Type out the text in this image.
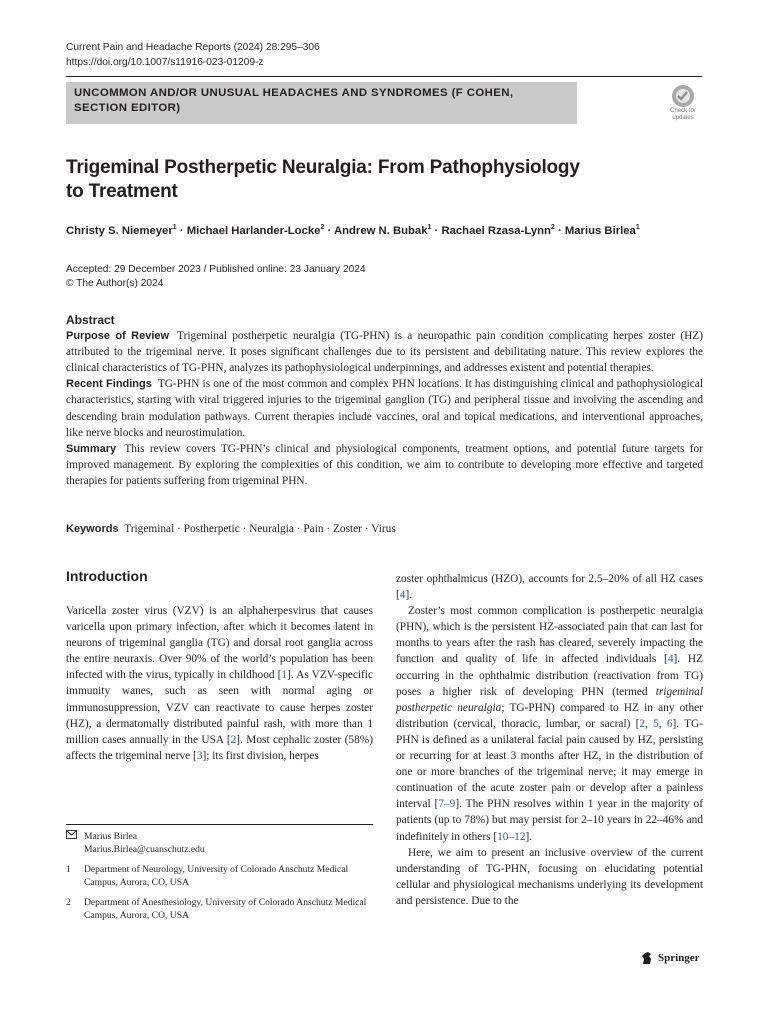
Current Pain and Headache Reports (2024) 28:295–306
https://doi.org/10.1007/s11916-023-01209-z
UNCOMMON AND/OR UNUSUAL HEADACHES AND SYNDROMES (F COHEN, SECTION EDITOR)	Check for
updates
Trigeminal Postherpetic Neuralgia: From Pathophysiology
to Treatment
Christy S. Niemeyer$^1$ · Michael Harlander-Locke$^2$ · Andrew N. Bubak$^1$ · Rachael Rzasa-Lynn$^2$ · Marius Birlea$^1$
Accepted: 29 December 2023 / Published online: 23 January 2024
© The Author(s) 2024
Abstract

Purpose of Review Trigeminal postherpetic neuralgia (TG-PHN) is a neuropathic pain condition complicating herpes zoster (HZ) attributed to the trigeminal nerve. It poses significant challenges due to its persistent and debilitating nature. This review explores the clinical characteristics of TG-PHN, analyzes its pathophysiological underpinnings, and addresses existent and potential therapies.

Recent Findings TG-PHN is one of the most common and complex PHN locations. It has distinguishing clinical and pathophysiological characteristics, starting with viral triggered injuries to the trigeminal ganglion (TG) and peripheral tissue and involving the ascending and descending brain modulation pathways. Current therapies include vaccines, oral and topical medications, and interventional approaches, like nerve blocks and neurostimulation.

Summary This review covers TG-PHN’s clinical and physiological components, treatment options, and potential future targets for improved management. By exploring the complexities of this condition, we aim to contribute to developing more effective and targeted therapies for patients suffering from trigeminal PHN.

Keywords Trigeminal · Postherpetic · Neuralgia · Pain · Zoster · Virus
Introduction

Varicella zoster virus (VZV) is an alphaherpesvirus that causes varicella upon primary infection, after which it becomes latent in neurons of trigeminal ganglia (TG) and dorsal root ganglia across the entire neuraxis. Over 90% of the world’s population has been infected with the virus, typically in childhood [1]. As VZV-specific immunity wanes, such as seen with normal aging or immunosuppression, VZV can reactivate to cause herpes zoster (HZ), a dermatomally distributed painful rash, with more than 1 million cases annually in the USA [2]. Most cephalic zoster (58%) affects the trigeminal nerve [3]; its first division, herpes

zoster ophthalmicus (HZO), accounts for 2.5–20% of all HZ cases [4].

Zoster’s most common complication is postherpetic neuralgia (PHN), which is the persistent HZ-associated pain that can last for months to years after the rash has cleared, severely impacting the function and quality of life in affected individuals [4]. HZ occurring in the ophthalmic distribution (reactivation from TG) poses a higher risk of developing PHN (termed trigeminal postherpetic neuralgia; TG-PHN) compared to HZ in any other distribution (cervical, thoracic, lumbar, or sacral) [2, 5, 6]. TG-PHN is defined as a unilateral facial pain caused by HZ, persisting or recurring for at least 3 months after HZ, in the distribution of one or more branches of the trigeminal nerve; it may emerge in continuation of the acute zoster pain or develop after a painless interval [7–9]. The PHN resolves within 1 year in the majority of patients (up to 78%) but may persist for 2–10 years in 22–46% and indefinitely in others [10–12].

Here, we aim to present an inclusive overview of the current understanding of TG-PHN, focusing on elucidating potential cellular and physiological mechanisms underlying its development and persistence. Due to the

Marius Birlea
Marius.Birlea@cuanschutz.edu
1	Department of Neurology, University of Colorado Anschutz Medical Campus, Aurora, CO, USA
2	Department of Anesthesiology, University of Colorado Anschutz Medical Campus, Aurora, CO, USA
Springer
